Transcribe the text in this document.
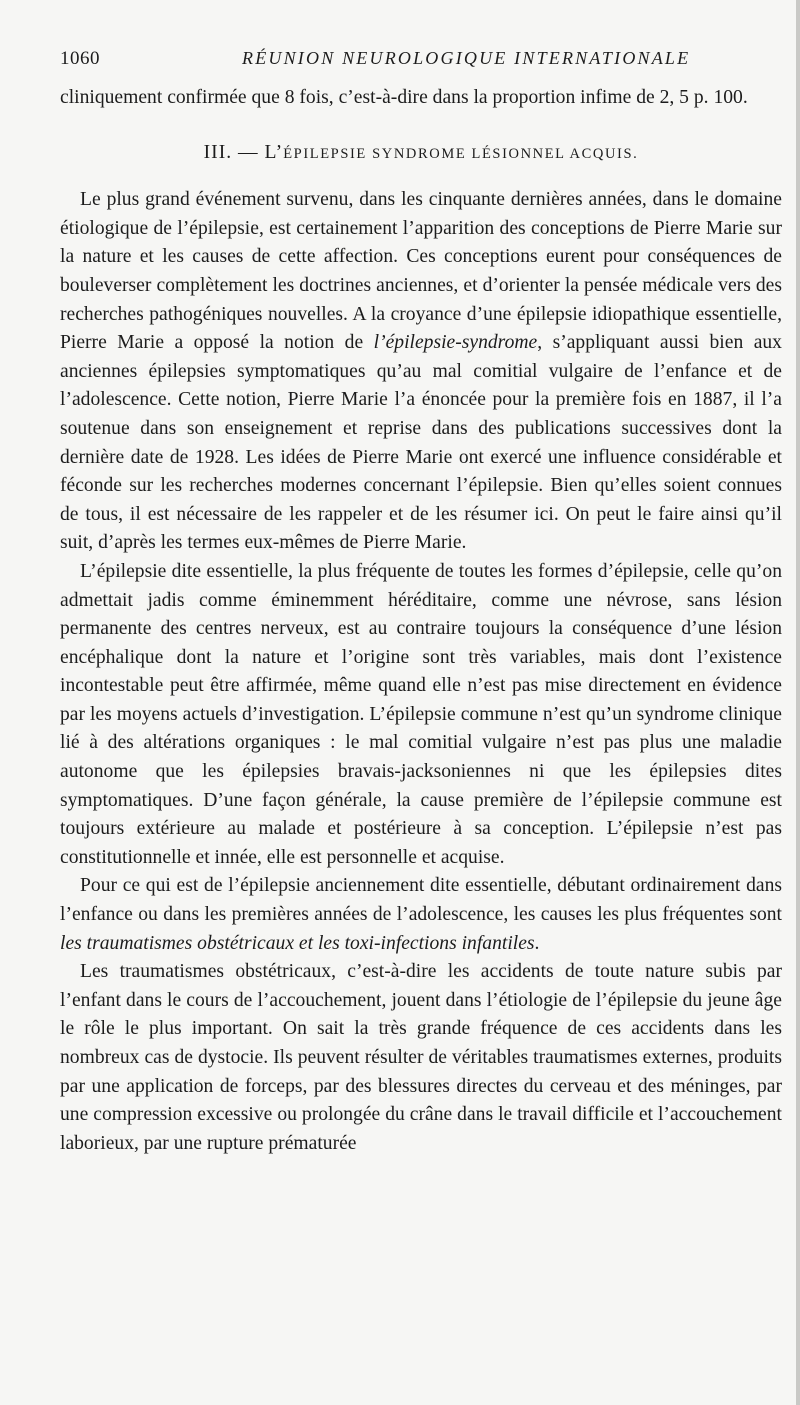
1060	RÉUNION NEUROLOGIQUE INTERNATIONALE

cliniquement confirmée que 8 fois, c’est-à-dire dans la proportion infime de 2, 5 p. 100.

III. — L’ÉPILEPSIE SYNDROME LÉSIONNEL ACQUIS.

Le plus grand événement survenu, dans les cinquante dernières années, dans le domaine étiologique de l’épilepsie, est certainement l’apparition des conceptions de Pierre Marie sur la nature et les causes de cette affection. Ces conceptions eurent pour conséquences de bouleverser complètement les doctrines anciennes, et d’orienter la pensée médicale vers des recherches pathogéniques nouvelles. A la croyance d’une épilepsie idiopathique essentielle, Pierre Marie a opposé la notion de l’épilepsie-syndrome, s’appliquant aussi bien aux anciennes épilepsies symptomatiques qu’au mal comitial vulgaire de l’enfance et de l’adolescence. Cette notion, Pierre Marie l’a énoncée pour la première fois en 1887, il l’a soutenue dans son enseignement et reprise dans des publications successives dont la dernière date de 1928. Les idées de Pierre Marie ont exercé une influence considérable et féconde sur les recherches modernes concernant l’épilepsie. Bien qu’elles soient connues de tous, il est nécessaire de les rappeler et de les résumer ici. On peut le faire ainsi qu’il suit, d’après les termes eux-mêmes de Pierre Marie.

L’épilepsie dite essentielle, la plus fréquente de toutes les formes d’épilepsie, celle qu’on admettait jadis comme éminemment héréditaire, comme une névrose, sans lésion permanente des centres nerveux, est au contraire toujours la conséquence d’une lésion encéphalique dont la nature et l’origine sont très variables, mais dont l’existence incontestable peut être affirmée, même quand elle n’est pas mise directement en évidence par les moyens actuels d’investigation. L’épilepsie commune n’est qu’un syndrome clinique lié à des altérations organiques : le mal comitial vulgaire n’est pas plus une maladie autonome que les épilepsies bravais-jacksoniennes ni que les épilepsies dites symptomatiques. D’une façon générale, la cause première de l’épilepsie commune est toujours extérieure au malade et postérieure à sa conception. L’épilepsie n’est pas constitutionnelle et innée, elle est personnelle et acquise.

Pour ce qui est de l’épilepsie anciennement dite essentielle, débutant ordinairement dans l’enfance ou dans les premières années de l’adolescence, les causes les plus fréquentes sont les traumatismes obstétricaux et les toxi-infections infantiles.

Les traumatismes obstétricaux, c’est-à-dire les accidents de toute nature subis par l’enfant dans le cours de l’accouchement, jouent dans l’étiologie de l’épilepsie du jeune âge le rôle le plus important. On sait la très grande fréquence de ces accidents dans les nombreux cas de dystocie. Ils peuvent résulter de véritables traumatismes externes, produits par une application de forceps, par des blessures directes du cerveau et des méninges, par une compression excessive ou prolongée du crâne dans le travail difficile et l’accouchement laborieux, par une rupture prématurée
